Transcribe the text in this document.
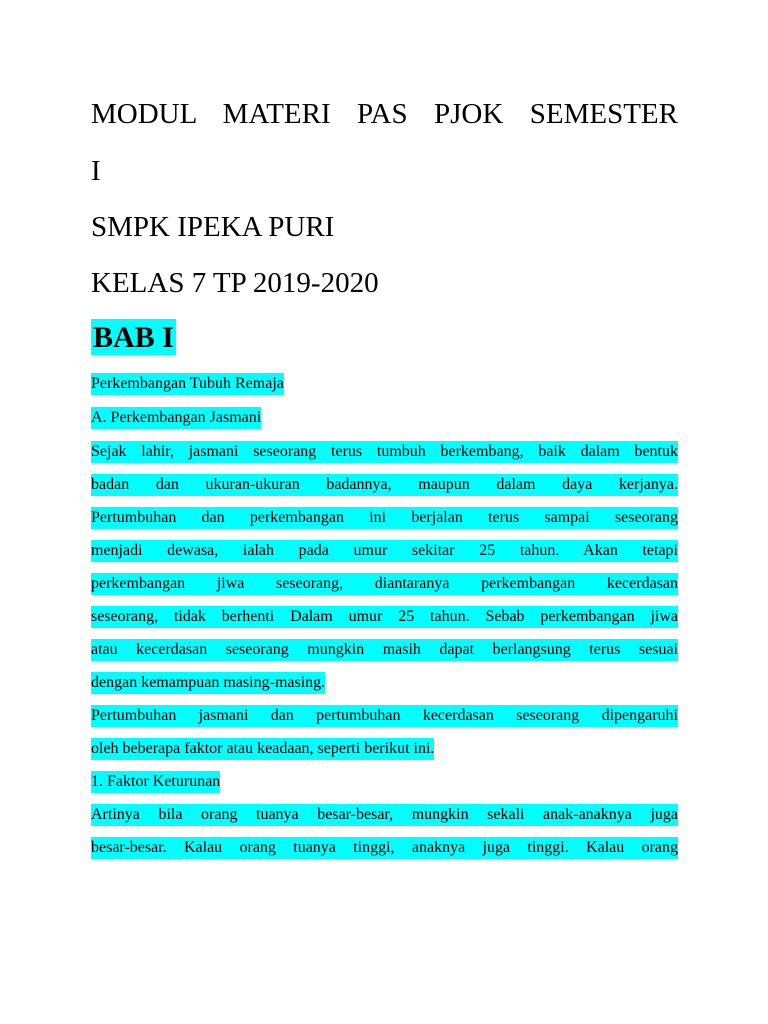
MODUL MATERI PAS PJOK SEMESTER
I
SMPK IPEKA PURI
KELAS 7 TP 2019-2020
BAB I
Perkembangan Tubuh Remaja
A. Perkembangan Jasmani
Sejak lahir, jasmani seseorang terus tumbuh berkembang, baik dalam bentuk
badan dan ukuran-ukuran badannya, maupun dalam daya kerjanya.
Pertumbuhan dan perkembangan ini berjalan terus sampai seseorang
menjadi dewasa, ialah pada umur sekitar 25 tahun. Akan tetapi
perkembangan jiwa seseorang, diantaranya perkembangan kecerdasan
seseorang, tidak berhenti Dalam umur 25 tahun. Sebab perkembangan jiwa
atau kecerdasan seseorang mungkin masih dapat berlangsung terus sesuai
dengan kemampuan masing-masing.
Pertumbuhan jasmani dan pertumbuhan kecerdasan seseorang dipengaruhi
oleh beberapa faktor atau keadaan, seperti berikut ini.
1. Faktor Keturunan
Artinya bila orang tuanya besar-besar, mungkin sekali anak-anaknya juga
besar-besar. Kalau orang tuanya tinggi, anaknya juga tinggi. Kalau orang
